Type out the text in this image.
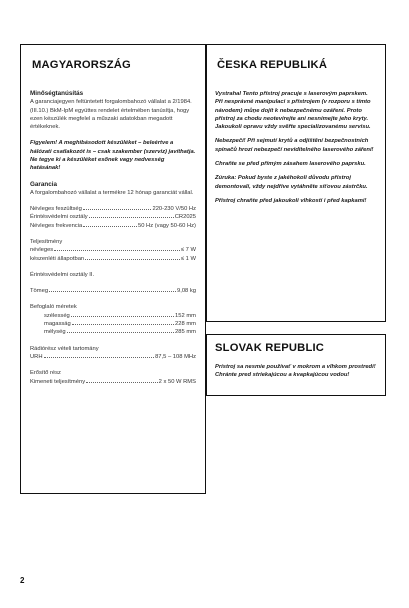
MAGYARORSZÁG
Minőségtanúsítás

A garanciajegyen feltüntetett forgalombahozó vállalat a 2/1984. (III.10.) BkM-IpM együttes rendelet értelmében tanúsítja, hogy ezen készülék megfelel a műszaki adatokban megadott értékeknek.

Figyelem! A meghibásodott készüléket – beleértve a hálózati csatlakozót is – csak szakember (szerviz) javíthatja. Ne tegye ki a készüléket esőnek vagy nedvesség hatásának!

Garancia

A forgalombahozó vállalat a termékre 12 hónap garanciát vállal.

Névleges feszültség	220-230 V/50 Hz
Érintésvédelmi osztály	CR2025
Névleges frekvencia	50 Hz (vagy 50-60 Hz)

Teljesítmény

névleges	≤ 7 W
készenléti állapotban	≤ 1 W

Érintésvédelmi osztály II.

Tömeg	9,08 kg

Befoglaló méretek

szélesség	152 mm
magasság	228 mm
mélység	285 mm

Rádiórész vételi tartomány

URH	87,5 – 108 MHz

Erősítő rész

Kimeneti teljesítmény	2 x 50 W RMS
ČESKA REPUBLIKÁ

Vystrahal Tento přístroj pracuje s laserovým paprskem. Při nesprávné manipulaci s přístrojem (v rozporu s tímto návodem) můņe dojít k nebezpečnému ozáření. Proto přístroj za chodu neotevírejte ani nesnímejte jeho kryty. Jakoukoli opravu vždy svěřte specializovanému servisu.

Nebezpečí! Při sejmutí krytů a odjištění bezpečnostních spínačů hrozí nebezpečí neviditelného laserového záření!

Chraňte se před přímým zásahem laserového paprsku.

Zúruka: Pokud byste z jakéhokoli důvodu přístroj demontovali, vždy nejdříve vytáhněte síťovou zástrčku.

Přístroj chraňte před jakoukoli vlhkostí i před kapkami!

SLOVAK REPUBLIC

Prístroj sa nesmie používať v mokrom a vlhkom prostredí! Chránte pred striekajúcou a kvapkajúcou vodou!

2
